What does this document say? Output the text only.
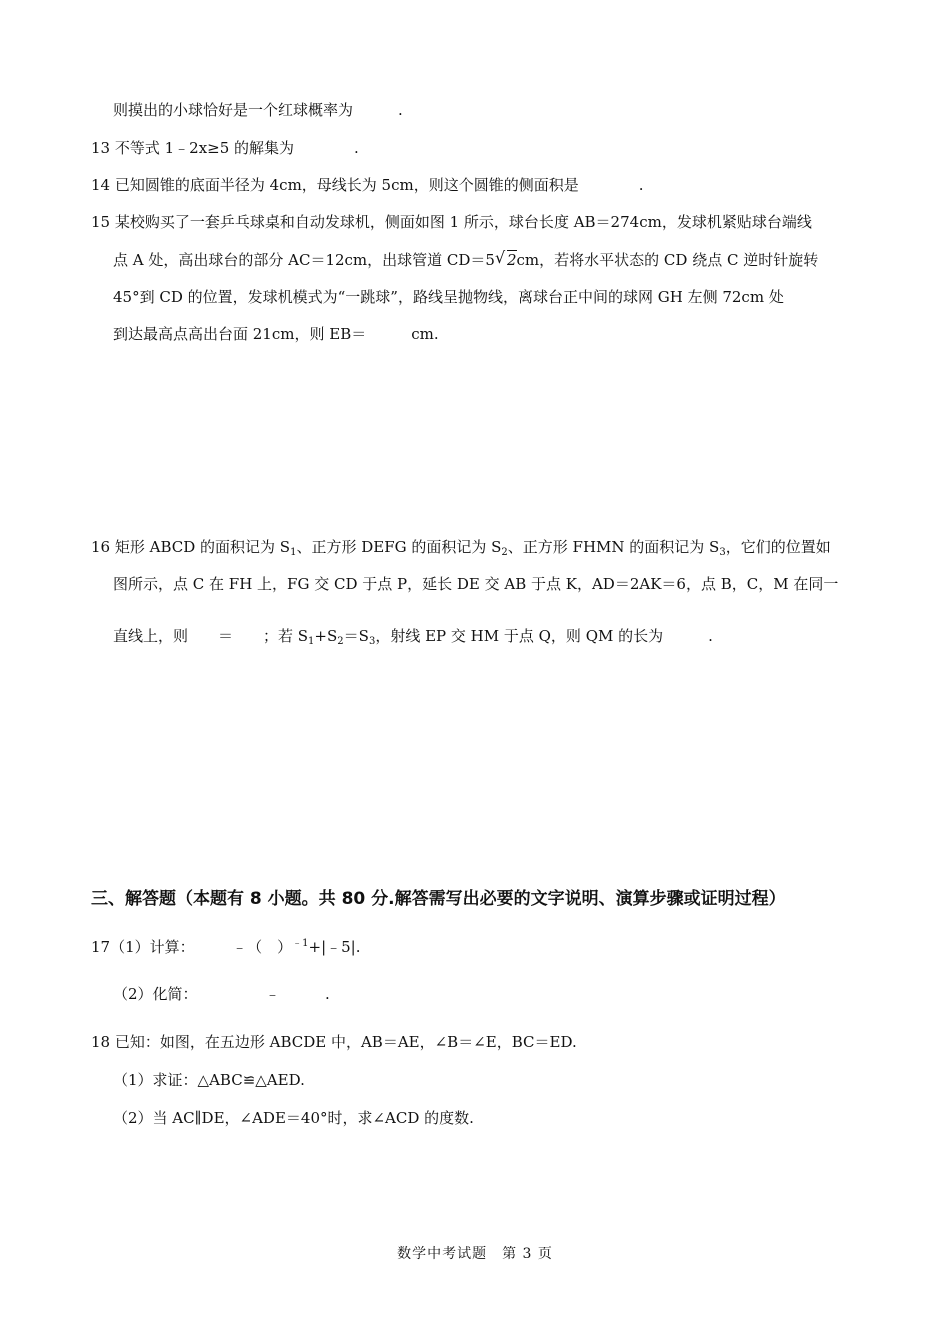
则摸出的小球恰好是一个红球概率为　　　.
13 不等式 1﹣2x≥5 的解集为　　　　.
14 已知圆锥的底面半径为 4cm，母线长为 5cm，则这个圆锥的侧面积是　　　　.
15 某校购买了一套乒乓球桌和自动发球机，侧面如图 1 所示，球台长度 AB＝274cm，发球机紧贴球台端线
点 A 处，高出球台的部分 AC＝12cm，出球管道 CD＝5 √ 2cm，若将水平状态的 CD 绕点 C 逆时针旋转
45°到 CD 的位置，发球机模式为“一跳球”，路线呈抛物线，离球台正中间的球网 GH 左侧 72cm 处
到达最高点高出台面 21cm，则 EB＝　　　cm.
16 矩形 ABCD 的面积记为 $S_1$、正方形 DEFG 的面积记为 $S_2$、正方形 FHMN 的面积记为 $S_3$，它们的位置如
图所示，点 C 在 FH 上，FG 交 CD 于点 P，延长 DE 交 AB 于点 K，AD＝2AK＝6，点 B，C，M 在同一
直线上，则　　＝　　；若 $S_1+S_2=S_3$，射线 EP 交 HM 于点 Q，则 QM 的长为　　　.
三、解答题（本题有 8 小题。共 80 分.解答需写出必要的文字说明、演算步骤或证明过程）
17（1）计算：　　　﹣（　）$^{﹣1}$+|﹣5|.
（2）化简：　　　　　﹣　　　.
18 已知：如图，在五边形 ABCDE 中，AB＝AE，∠B＝∠E，BC＝ED.
（1）求证：△ABC≌△AED.
（2）当 AC∥DE，∠ADE＝40°时，求∠ACD 的度数.
数学中考试题　第 3 页
